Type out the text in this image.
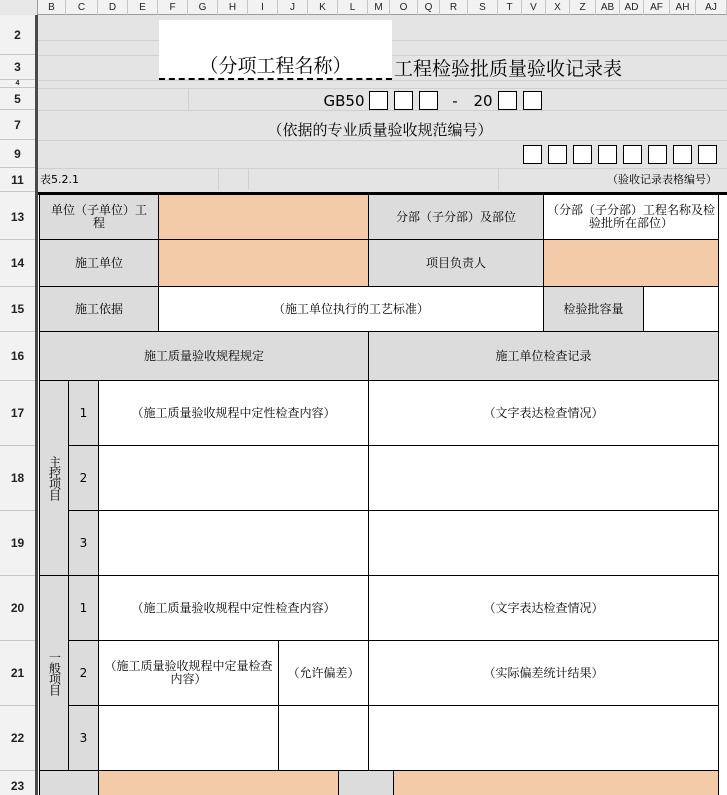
2
3
4
5
7
9
11
13
14
15
16
17
18
19
20
21
22
23
（分项工程名称）	工程检验批质量验收记录表
GB50	-	20
（依据的专业质量验收规范编号）
表5.2.1	（验收记录表格编号）
单位（子单位）工程	分部（子分部）及部位	（分部（子分部）工程名称及检验批所在部位）
施工单位	项目负责人
施工依据	（施工单位执行的工艺标准）	检验批容量
施工质量验收规程规定	施工单位检查记录
主控项目
1	（施工质量验收规程中定性检查内容）	（文字表达检查情况）
2
3
一般项目
1	（施工质量验收规程中定性检查内容）	（文字表达检查情况）
2	（施工质量验收规程中定量检查内容）	（允许偏差）	（实际偏差统计结果）
3
B	C	D	E	F	G	H	I	J	K	L	M	O	Q	R	S	T	V	X	Z	AB	AD	AF	AH	AJ
